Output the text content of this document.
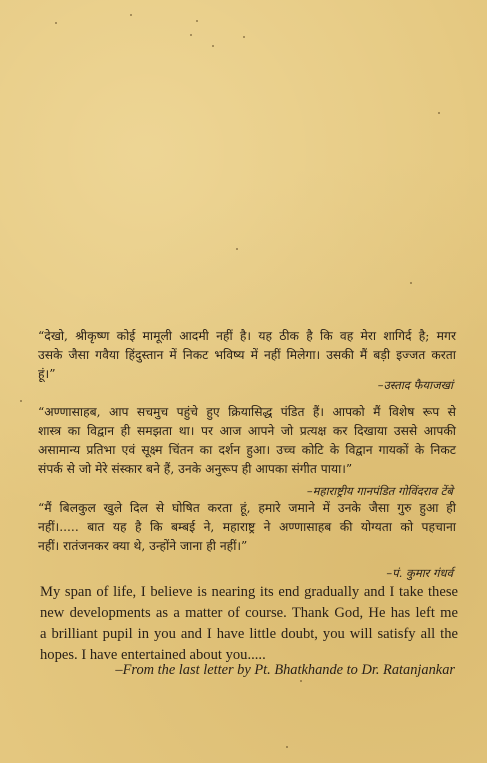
“देखो, श्रीकृष्ण कोई मामूली आदमी नहीं है। यह ठीक है कि वह मेरा शागिर्द है; मगर
उसके जैसा गवैया हिंदुस्तान में निकट भविष्य में नहीं मिलेगा। उसकी मैं बड़ी इज्जत करता
हूं।”
–उस्ताद फैयाजखां
“अण्णासाहब, आप सचमुच पहुंचे हुए क्रियासिद्ध पंडित हैं। आपको मैं विशेष रूप से
शास्त्र का विद्वान ही समझता था। पर आज आपने जो प्रत्यक्ष कर दिखाया उससे आपकी
असामान्य प्रतिभा एवं सूक्ष्म चिंतन का दर्शन हुआ। उच्च कोटि के विद्वान गायकों के निकट
संपर्क से जो मेरे संस्कार बने हैं, उनके अनुरूप ही आपका संगीत पाया।”
–महाराष्ट्रीय गानपंडित गोविंदराव टेंबे
“मैं बिलकुल खुले दिल से घोषित करता हूं, हमारे जमाने में उनके जैसा गुरु हुआ ही
नहीं।..... बात यह है कि बम्बई ने, महाराष्ट्र ने अण्णासाहब की योग्यता को पहचाना
नहीं। रातंजनकर क्या थे, उन्होंने जाना ही नहीं।”
–पं. कुमार गंधर्व
My span of life, I believe is nearing its end gradually and I take these
new developments as a matter of course. Thank God, He has left me
a brilliant pupil in you and I have little doubt, you will satisfy all the
hopes. I have entertained about you.....
–From the last letter by Pt. Bhatkhande to Dr. Ratanjankar
